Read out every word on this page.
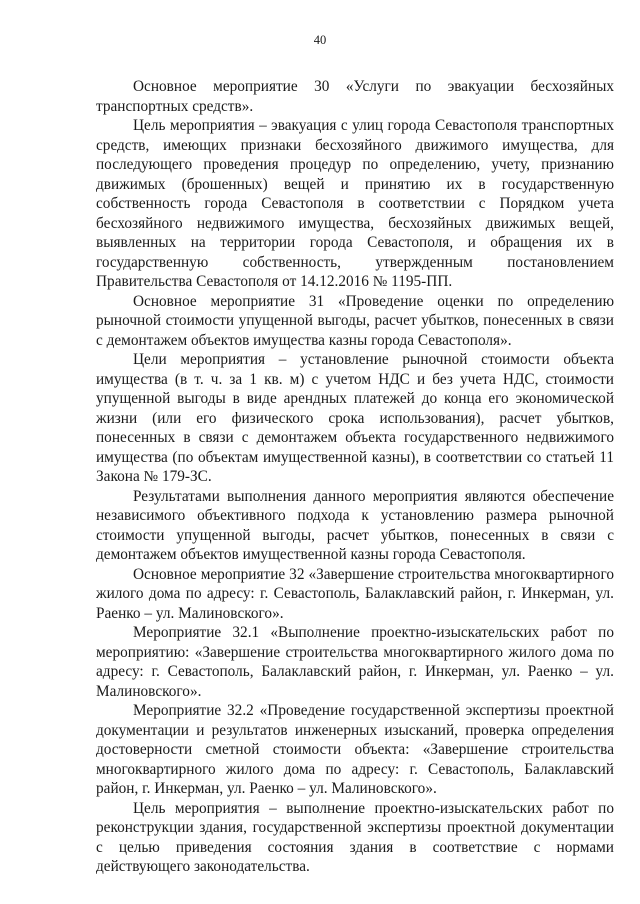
40

Основное мероприятие 30 «Услуги по эвакуации бесхозяйных транспортных средств».

Цель мероприятия – эвакуация с улиц города Севастополя транспортных средств, имеющих признаки бесхозяйного движимого имущества, для последующего проведения процедур по определению, учету, признанию движимых (брошенных) вещей и принятию их в государственную собственность города Севастополя в соответствии с Порядком учета бесхозяйного недвижимого имущества, бесхозяйных движимых вещей, выявленных на территории города Севастополя, и обращения их в государственную собственность, утвержденным постановлением Правительства Севастополя от 14.12.2016 № 1195-ПП.

Основное мероприятие 31 «Проведение оценки по определению рыночной стоимости упущенной выгоды, расчет убытков, понесенных в связи с демонтажем объектов имущества казны города Севастополя».

Цели мероприятия – установление рыночной стоимости объекта имущества (в т. ч. за 1 кв. м) с учетом НДС и без учета НДС, стоимости упущенной выгоды в виде арендных платежей до конца его экономической жизни (или его физического срока использования), расчет убытков, понесенных в связи с демонтажем объекта государственного недвижимого имущества (по объектам имущественной казны), в соответствии со статьей 11 Закона № 179-ЗС.

Результатами выполнения данного мероприятия являются обеспечение независимого объективного подхода к установлению размера рыночной стоимости упущенной выгоды, расчет убытков, понесенных в связи с демонтажем объектов имущественной казны города Севастополя.

Основное мероприятие 32 «Завершение строительства многоквартирного жилого дома по адресу: г. Севастополь, Балаклавский район, г. Инкерман, ул. Раенко – ул. Малиновского».

Мероприятие 32.1 «Выполнение проектно-изыскательских работ по мероприятию: «Завершение строительства многоквартирного жилого дома по адресу: г. Севастополь, Балаклавский район, г. Инкерман, ул. Раенко – ул. Малиновского».

Мероприятие 32.2 «Проведение государственной экспертизы проектной документации и результатов инженерных изысканий, проверка определения достоверности сметной стоимости объекта: «Завершение строительства многоквартирного жилого дома по адресу: г. Севастополь, Балаклавский район, г. Инкерман, ул. Раенко – ул. Малиновского».

Цель мероприятия – выполнение проектно-изыскательских работ по реконструкции здания, государственной экспертизы проектной документации с целью приведения состояния здания в соответствие с нормами действующего законодательства.
